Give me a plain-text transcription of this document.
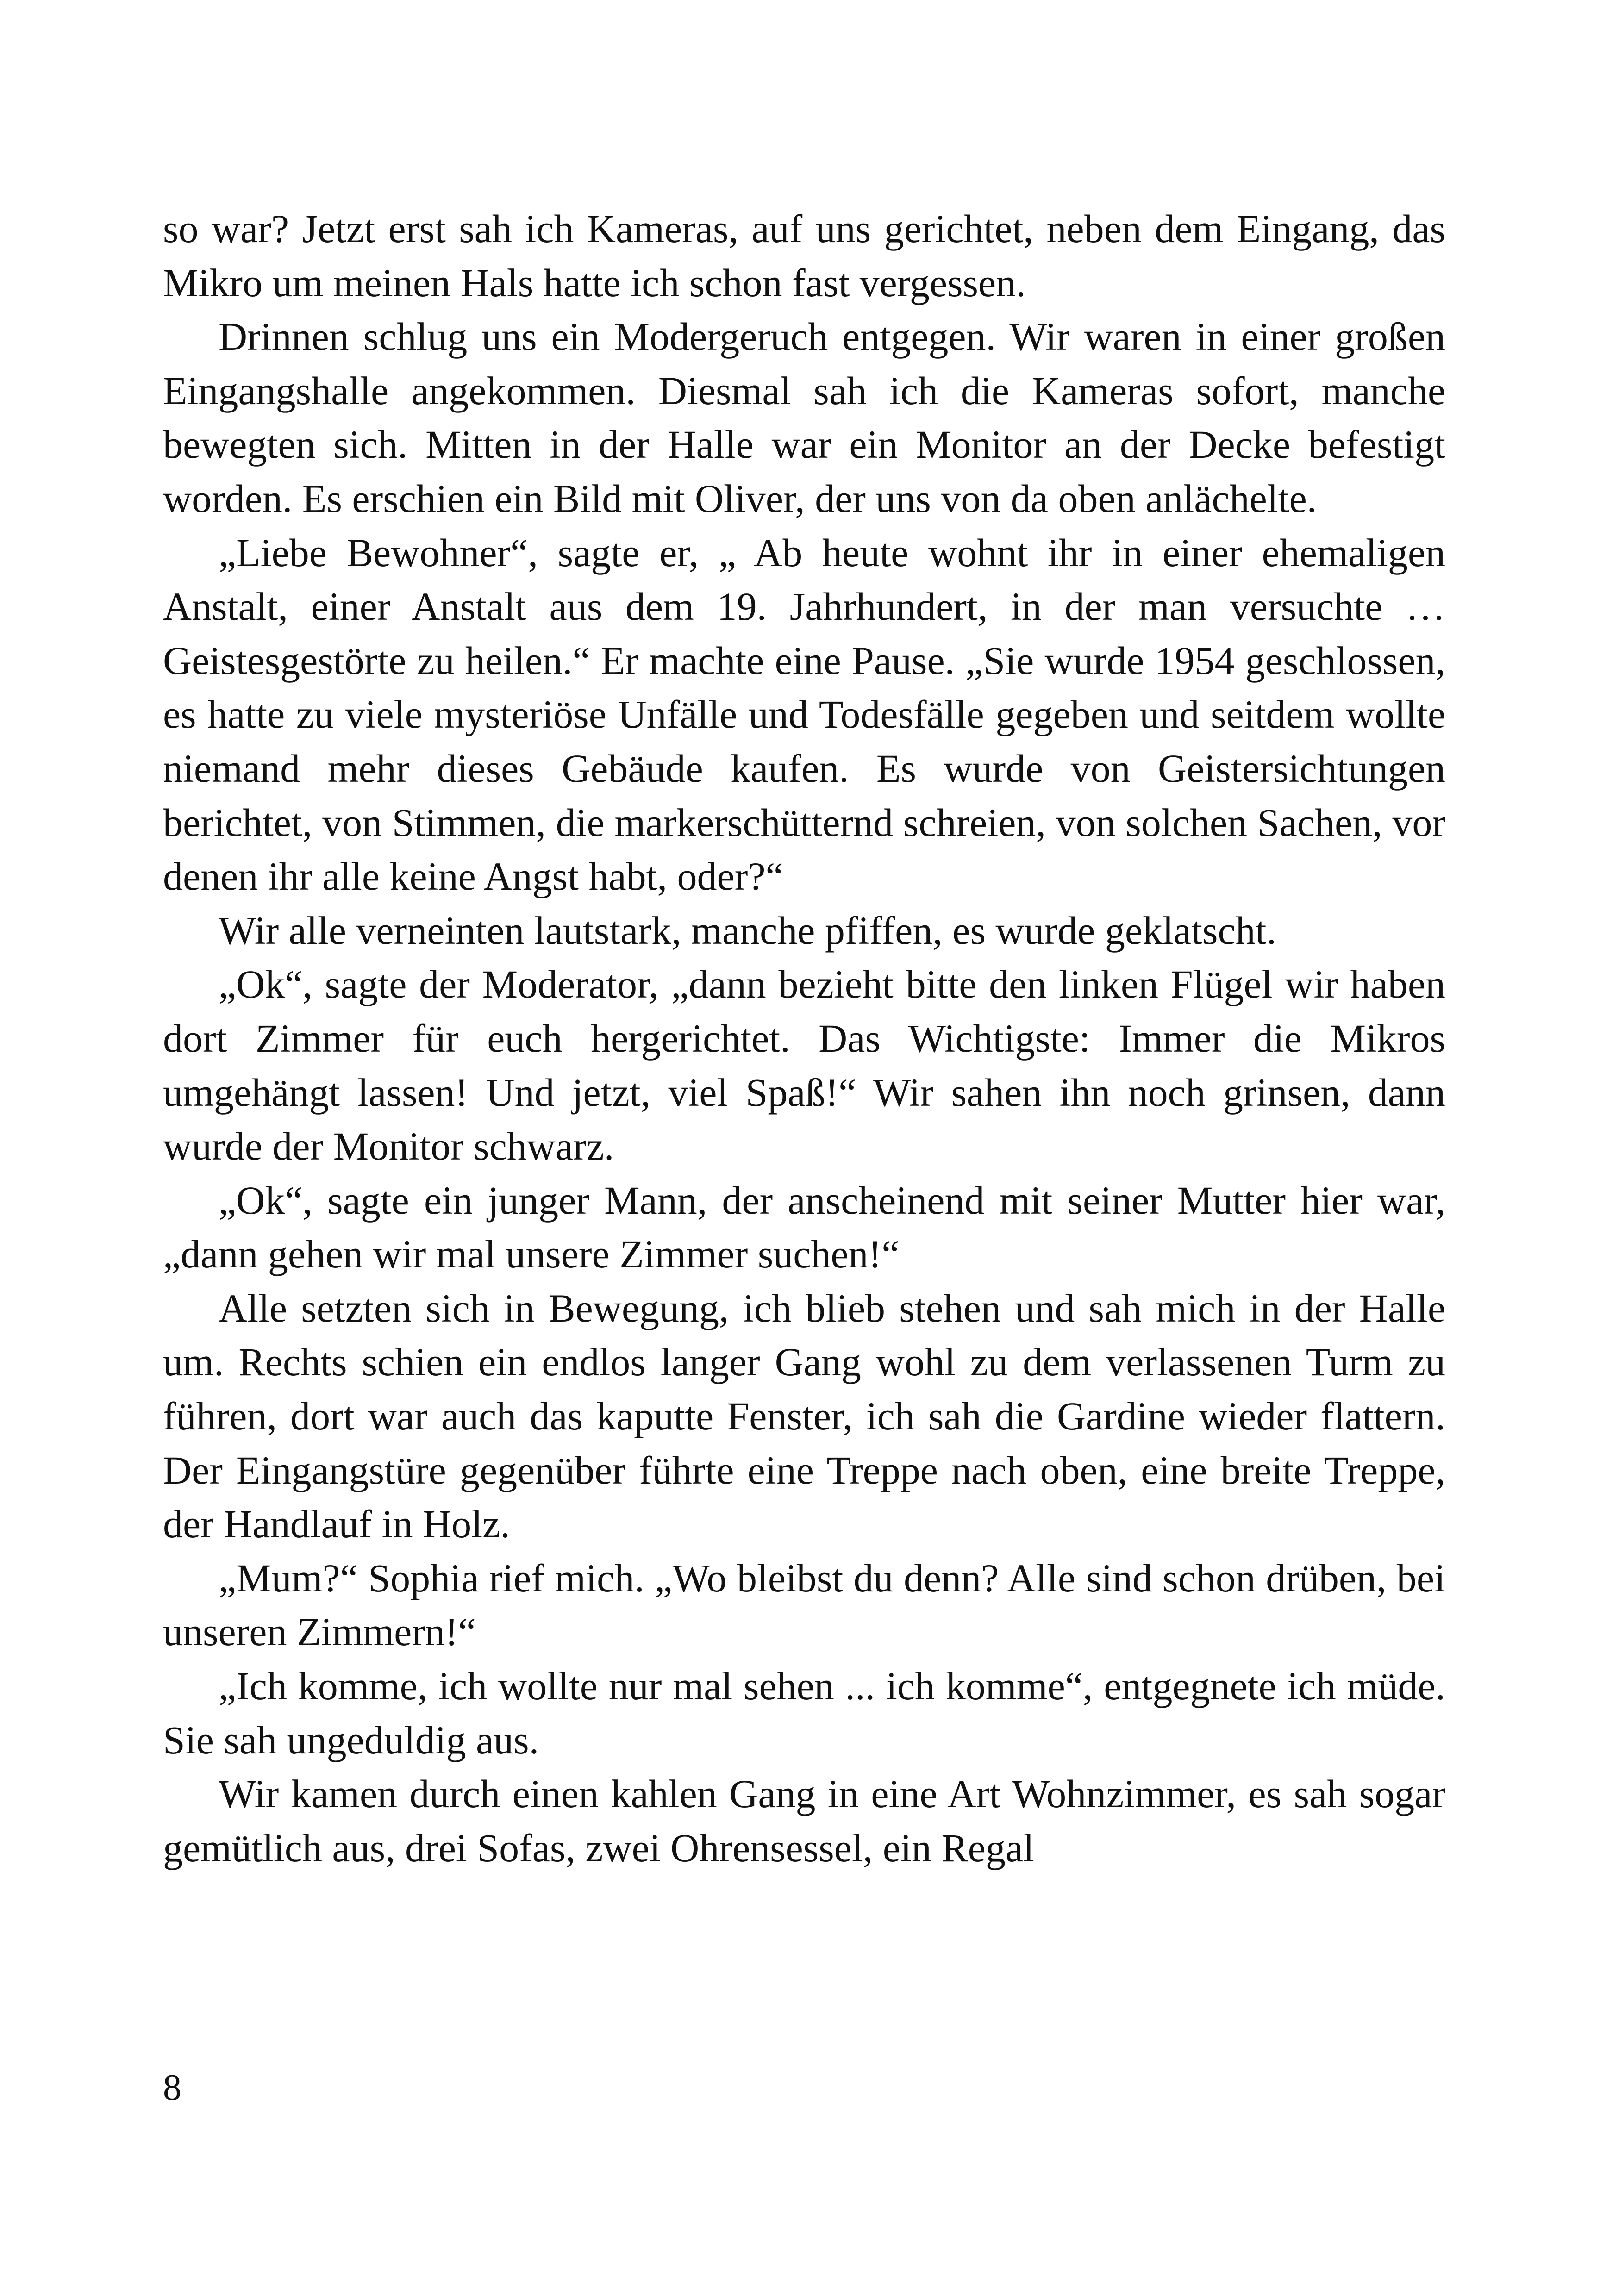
so war? Jetzt erst sah ich Kameras, auf uns gerichtet, neben dem Eingang, das Mikro um meinen Hals hatte ich schon fast vergessen.

Drinnen schlug uns ein Modergeruch entgegen. Wir waren in einer großen Eingangshalle angekommen. Diesmal sah ich die Kameras sofort, manche bewegten sich. Mitten in der Halle war ein Monitor an der Decke befestigt worden. Es erschien ein Bild mit Oliver, der uns von da oben anlächelte.

„Liebe Bewohner“, sagte er, „ Ab heute wohnt ihr in einer ehemaligen Anstalt, einer Anstalt aus dem 19. Jahrhundert, in der man versuchte … Geistesgestörte zu heilen.“ Er machte eine Pause. „Sie wurde 1954 geschlossen, es hatte zu viele mysteriöse Unfälle und Todesfälle gegeben und seitdem wollte niemand mehr dieses Gebäude kaufen. Es wurde von Geistersichtungen berichtet, von Stimmen, die markerschütternd schreien, von solchen Sachen, vor denen ihr alle keine Angst habt, oder?“

Wir alle verneinten lautstark, manche pfiffen, es wurde geklatscht.

„Ok“, sagte der Moderator, „dann bezieht bitte den linken Flügel wir haben dort Zimmer für euch hergerichtet. Das Wichtigste: Immer die Mikros umgehängt lassen! Und jetzt, viel Spaß!“ Wir sahen ihn noch grinsen, dann wurde der Monitor schwarz.

„Ok“, sagte ein junger Mann, der anscheinend mit seiner Mutter hier war, „dann gehen wir mal unsere Zimmer suchen!“

Alle setzten sich in Bewegung, ich blieb stehen und sah mich in der Halle um. Rechts schien ein endlos langer Gang wohl zu dem verlassenen Turm zu führen, dort war auch das kaputte Fenster, ich sah die Gardine wieder flattern. Der Eingangstüre gegenüber führte eine Treppe nach oben, eine breite Treppe, der Handlauf in Holz.

„Mum?“ Sophia rief mich. „Wo bleibst du denn? Alle sind schon drüben, bei unseren Zimmern!“

„Ich komme, ich wollte nur mal sehen ... ich komme“, entgegnete ich müde. Sie sah ungeduldig aus.

Wir kamen durch einen kahlen Gang in eine Art Wohnzimmer, es sah sogar gemütlich aus, drei Sofas, zwei Ohrensessel, ein Regal

8
